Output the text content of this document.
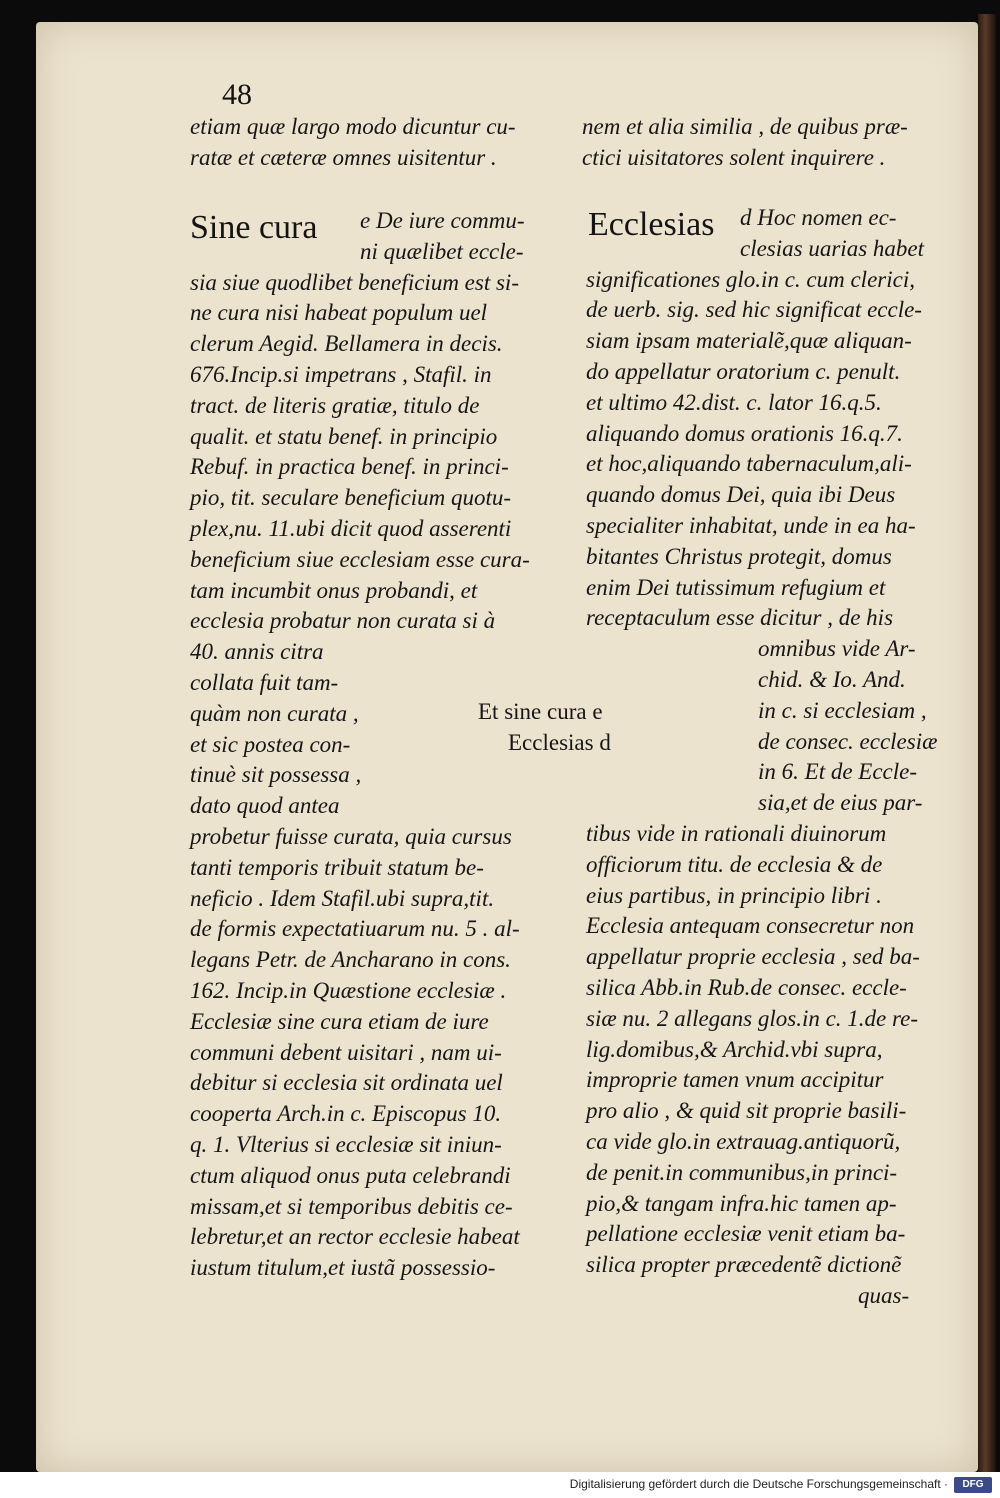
48
etiam quæ largo modo dicuntur cu-
ratæ et cæteræ omnes uisitentur .
nem et alia similia , de quibus præ-
ctici uisitatores solent inquirere .
Sine cura	Ecclesias
e De iure commu-
ni quælibet eccle-
sia siue quodlibet beneficium est si-
ne cura nisi habeat populum uel
clerum Aegid. Bellamera in decis.
676.Incip.si impetrans , Stafil. in
tract. de literis gratiæ, titulo de
qualit. et statu benef. in principio
Rebuf. in practica benef. in princi-
pio, tit. seculare beneficium quotu-
plex,nu. 11.ubi dicit quod asserenti
beneficium siue ecclesiam esse cura-
tam incumbit onus probandi, et
ecclesia probatur non curata si à
40. annis citra
collata fuit tam-
quàm non curata ,
et sic postea con-
tinuè sit possessa ,
dato quod antea
probetur fuisse curata, quia cursus
tanti temporis tribuit statum be-
neficio . Idem Stafil.ubi supra,tit.
de formis expectatiuarum nu. 5 . al-
legans Petr. de Ancharano in cons.
162. Incip.in Quæstione ecclesiæ .
Ecclesiæ sine cura etiam de iure
communi debent uisitari , nam ui-
debitur si ecclesia sit ordinata uel
cooperta Arch.in c. Episcopus 10.
q. 1. Vlterius si ecclesiæ sit iniun-
ctum aliquod onus puta celebrandi
missam,et si temporibus debitis ce-
lebretur,et an rector ecclesie habeat
iustum titulum,et iustã possessio-
d Hoc nomen ec-
clesias uarias habet
significationes glo.in c. cum clerici,
de uerb. sig. sed hic significat eccle-
siam ipsam materialẽ,quæ aliquan-
do appellatur oratorium c. penult.
et ultimo 42.dist. c. lator 16.q.5.
aliquando domus orationis 16.q.7.
et hoc,aliquando tabernaculum,ali-
quando domus Dei, quia ibi Deus
specialiter inhabitat, unde in ea ha-
bitantes Christus protegit, domus
enim Dei tutissimum refugium et
receptaculum esse dicitur , de his
omnibus vide Ar-
chid. & Io. And.
in c. si ecclesiam ,
de consec. ecclesiæ
in 6. Et de Eccle-
sia,et de eius par-
tibus vide in rationali diuinorum
officiorum titu. de ecclesia & de
eius partibus, in principio libri .
Ecclesia antequam consecretur non
appellatur proprie ecclesia , sed ba-
silica Abb.in Rub.de consec. eccle-
siæ nu. 2 allegans glos.in c. 1.de re-
lig.domibus,& Archid.vbi supra,
improprie tamen vnum accipitur
pro alio , & quid sit proprie basili-
ca vide glo.in extrauag.antiquorũ,
de penit.in communibus,in princi-
pio,& tangam infra.hic tamen ap-
pellatione ecclesiæ venit etiam ba-
silica propter præcedentẽ dictionẽ
quas-
Et sine cura e
Ecclesias d
Digitalisierung gefördert durch die Deutsche Forschungsgemeinschaft ·	DFG
